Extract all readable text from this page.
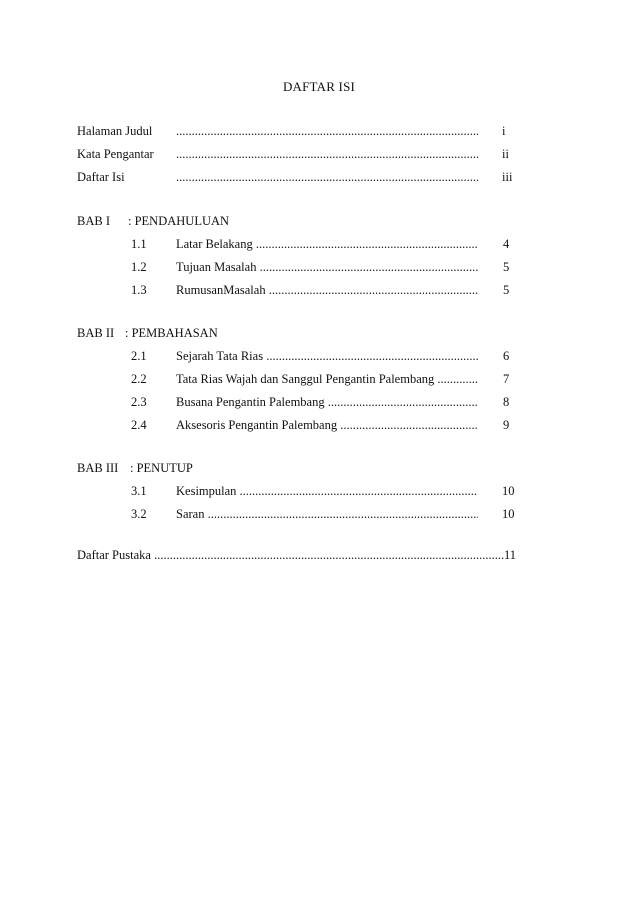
DAFTAR ISI
Halaman Judul .....	i
Kata Pengantar .....	ii
Daftar Isi .....	iii
BAB I : PENDAHULUAN
1.1 Latar Belakang .....	4
1.2 Tujuan Masalah .....	5
1.3 RumusanMasalah .....	5
BAB II : PEMBAHASAN
2.1 Sejarah Tata Rias .....	6
2.2 Tata Rias Wajah dan Sanggul Pengantin Palembang .....	7
2.3 Busana Pengantin Palembang .....	8
2.4 Aksesoris Pengantin Palembang .....	9
BAB III : PENUTUP
3.1 Kesimpulan .....	10
3.2 Saran .....	10
Daftar Pustaka .....	11
